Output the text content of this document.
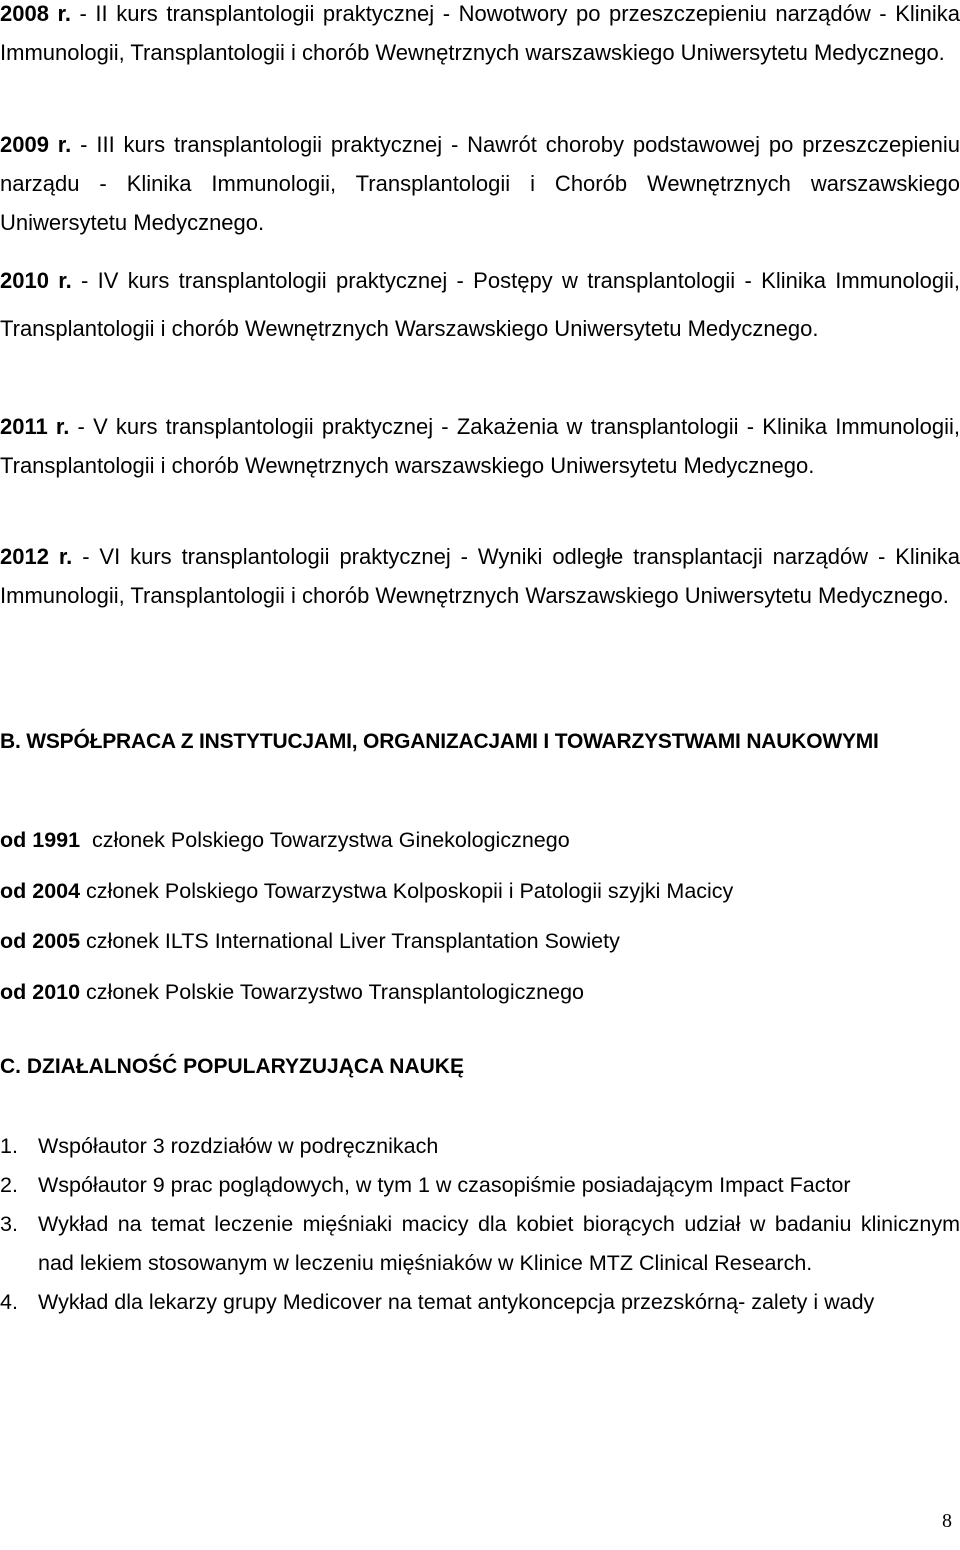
2008 r. - II kurs transplantologii praktycznej - Nowotwory po przeszczepieniu narządów - Klinika Immunologii, Transplantologii i chorób Wewnętrznych warszawskiego Uniwersytetu Medycznego.

2009 r. - III kurs transplantologii praktycznej - Nawrót choroby podstawowej po przeszczepieniu narządu - Klinika Immunologii, Transplantologii i Chorób Wewnętrznych warszawskiego Uniwersytetu Medycznego.

2010 r. - IV kurs transplantologii praktycznej - Postępy w transplantologii - Klinika Immunologii, Transplantologii i chorób Wewnętrznych Warszawskiego Uniwersytetu Medycznego.

2011 r. - V kurs transplantologii praktycznej - Zakażenia w transplantologii - Klinika Immunologii, Transplantologii i chorób Wewnętrznych warszawskiego Uniwersytetu Medycznego.

2012 r. - VI kurs transplantologii praktycznej - Wyniki odległe transplantacji narządów - Klinika Immunologii, Transplantologii i chorób Wewnętrznych Warszawskiego Uniwersytetu Medycznego.

B. WSPÓŁPRACA Z INSTYTUCJAMI, ORGANIZACJAMI I TOWARZYSTWAMI NAUKOWYMI

od 1991  członek Polskiego Towarzystwa Ginekologicznego

od 2004 członek Polskiego Towarzystwa Kolposkopii i Patologii szyjki Macicy

od 2005 członek ILTS International Liver Transplantation Sowiety

od 2010 członek Polskie Towarzystwo Transplantologicznego

C. DZIAŁALNOŚĆ POPULARYZUJĄCA NAUKĘ
1. Współautor 3 rozdziałów w podręcznikach
2. Współautor 9 prac poglądowych, w tym 1 w czasopiśmie posiadającym Impact Factor
3. Wykład na temat leczenie mięśniaki macicy dla kobiet biorących udział w badaniu klinicznym nad lekiem stosowanym w leczeniu mięśniaków w Klinice MTZ Clinical Research.
4. Wykład dla lekarzy grupy Medicover na temat antykoncepcja przezskórną- zalety i wady
8
